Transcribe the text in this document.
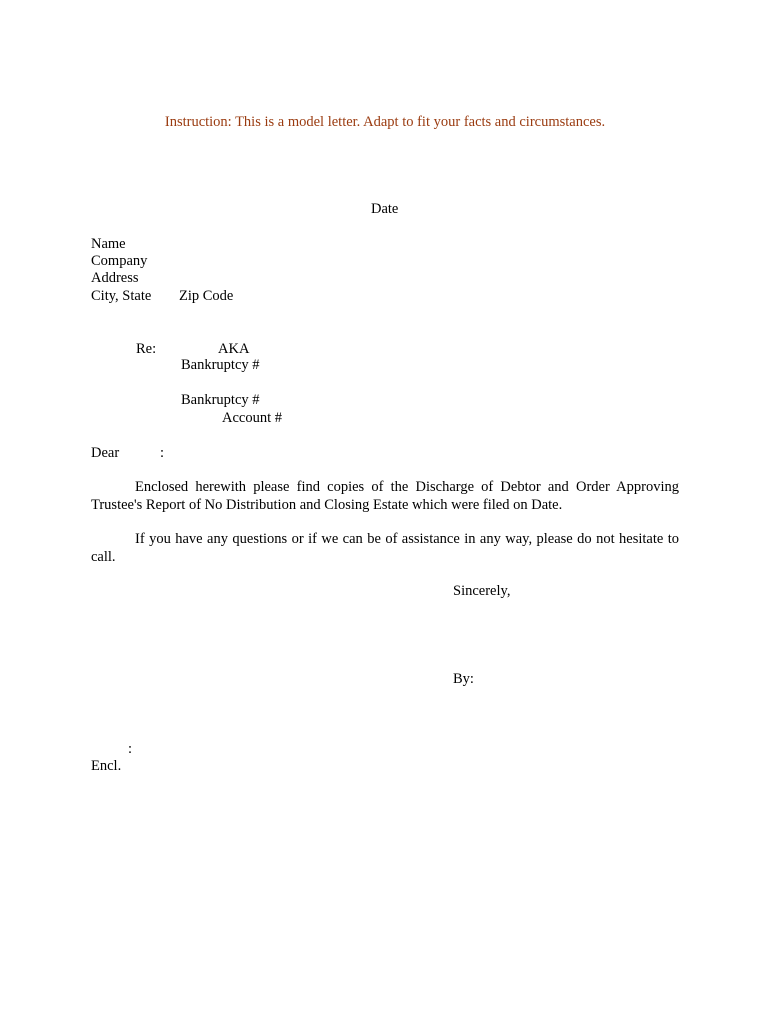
Instruction: This is a model letter. Adapt to fit your facts and circumstances.
Date
Name
Company
Address
City, State Zip Code
Re:	AKA
Bankruptcy #
Bankruptcy #
Account #
Dear	:
Enclosed herewith please find copies of the Discharge of Debtor and Order Approving Trustee's Report of No Distribution and Closing Estate which were filed on Date.
If you have any questions or if we can be of assistance in any way, please do not hesitate to call.
Sincerely,
By:
:
Encl.
